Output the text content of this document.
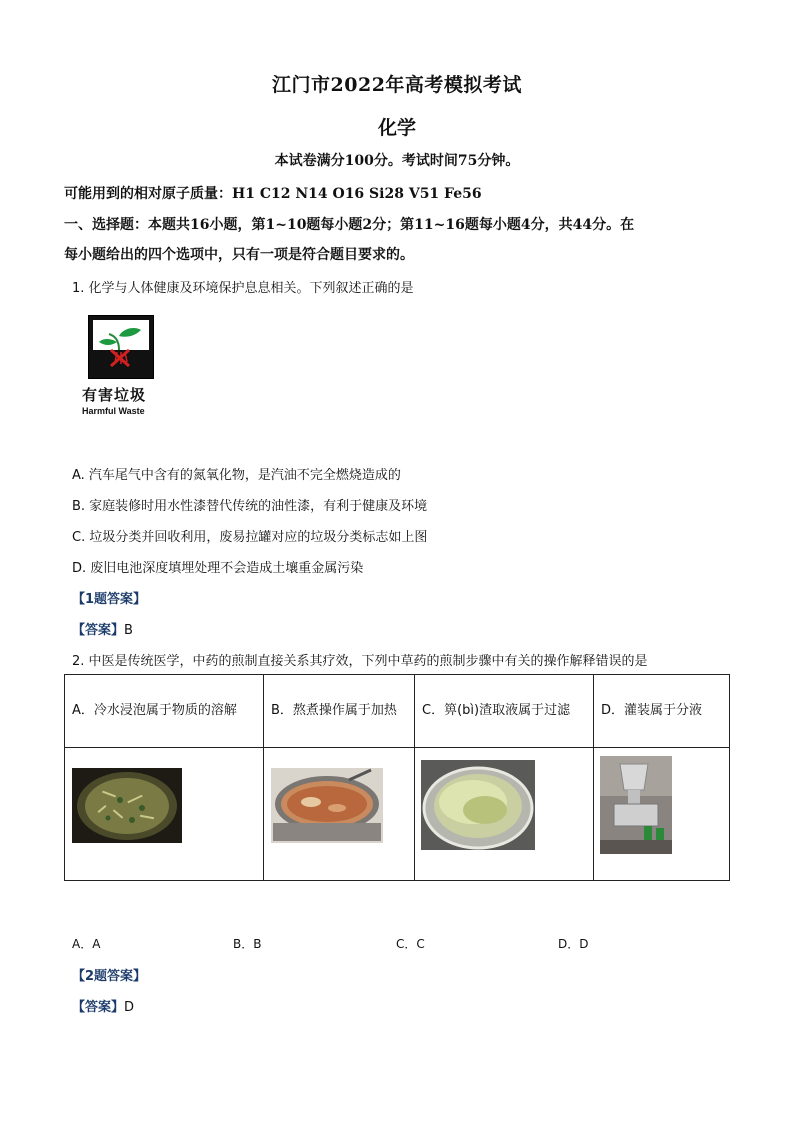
江门市2022年高考模拟考试
化学
本试卷满分100分。考试时间75分钟。
可能用到的相对原子质量：H1 C12 N14 O16 Si28 V51 Fe56
一、选择题：本题共16小题，第1~10题每小题2分；第11~16题每小题4分，共44分。在
每小题给出的四个选项中，只有一项是符合题目要求的。
1. 化学与人体健康及环境保护息息相关。下列叙述正确的是
有害垃圾
Harmful Waste
A. 汽车尾气中含有的氮氧化物，是汽油不完全燃烧造成的
B. 家庭装修时用水性漆替代传统的油性漆，有利于健康及环境
C. 垃圾分类并回收利用，废易拉罐对应的垃圾分类标志如上图
D. 废旧电池深度填埋处理不会造成土壤重金属污染
【1题答案】
【答案】B
2. 中医是传统医学，中药的煎制直接关系其疗效，下列中草药的煎制步骤中有关的操作解释错误的是
A．冷水浸泡属于物质的溶解	B．熬煮操作属于加热	C．箅(bì)渣取液属于过滤	D．灌装属于分液

A．A	B．B	C．C	D．D
【2题答案】
【答案】D
